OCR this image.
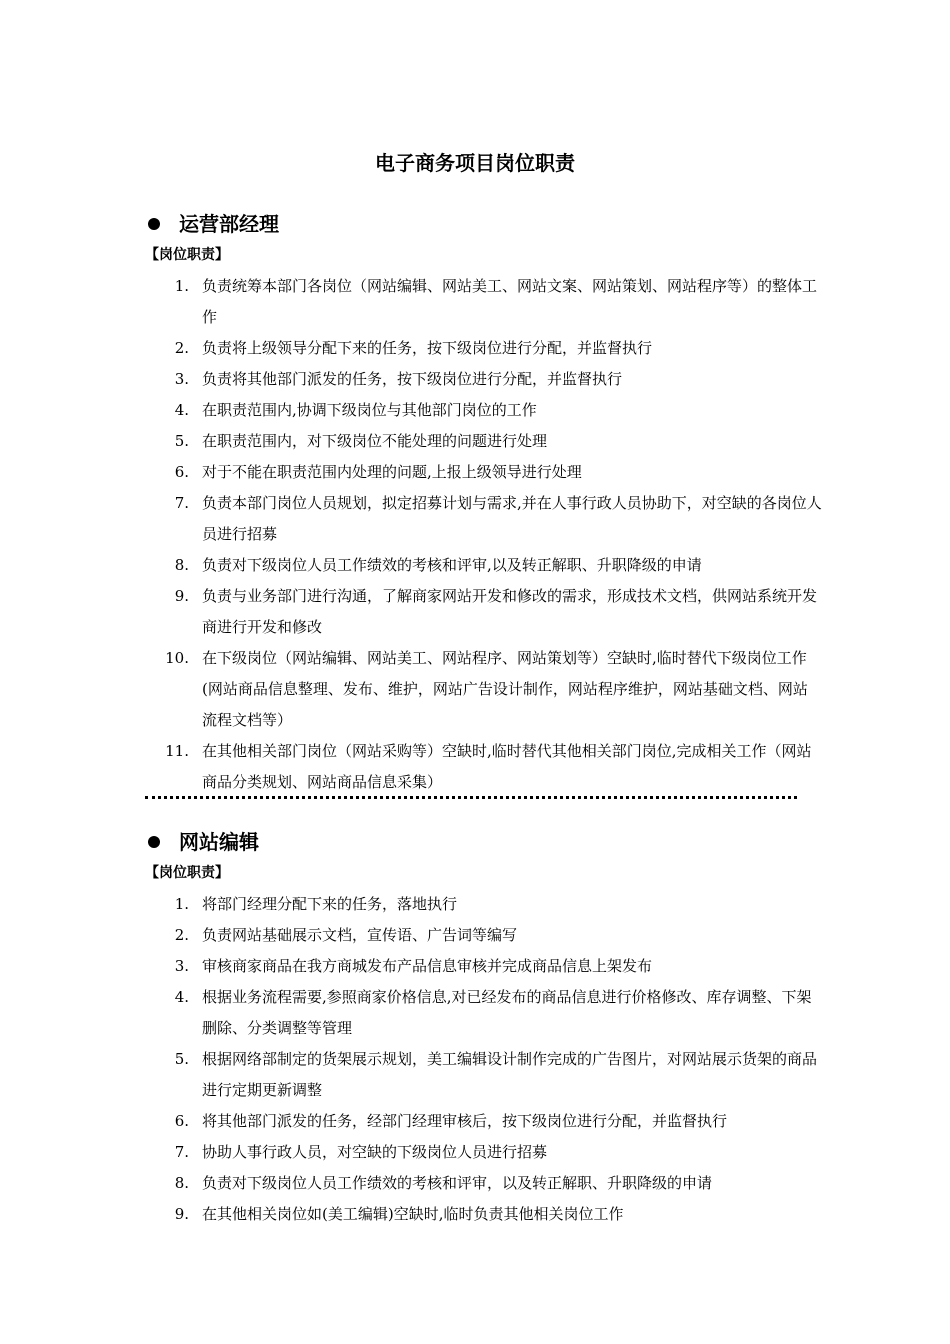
电子商务项目岗位职责
运营部经理
【岗位职责】
1. 负责统筹本部门各岗位（网站编辑、网站美工、网站文案、网站策划、网站程序等）的整体工作
2. 负责将上级领导分配下来的任务，按下级岗位进行分配，并监督执行
3. 负责将其他部门派发的任务，按下级岗位进行分配，并监督执行
4. 在职责范围内,协调下级岗位与其他部门岗位的工作
5. 在职责范围内，对下级岗位不能处理的问题进行处理
6. 对于不能在职责范围内处理的问题,上报上级领导进行处理
7. 负责本部门岗位人员规划，拟定招募计划与需求,并在人事行政人员协助下，对空缺的各岗位人员进行招募
8. 负责对下级岗位人员工作绩效的考核和评审,以及转正解职、升职降级的申请
9. 负责与业务部门进行沟通，了解商家网站开发和修改的需求，形成技术文档，供网站系统开发商进行开发和修改
10. 在下级岗位（网站编辑、网站美工、网站程序、网站策划等）空缺时,临时替代下级岗位工作(网站商品信息整理、发布、维护，网站广告设计制作，网站程序维护，网站基础文档、网站流程文档等）
11. 在其他相关部门岗位（网站采购等）空缺时,临时替代其他相关部门岗位,完成相关工作（网站商品分类规划、网站商品信息采集）
网站编辑
【岗位职责】
1. 将部门经理分配下来的任务，落地执行
2. 负责网站基础展示文档，宣传语、广告词等编写
3. 审核商家商品在我方商城发布产品信息审核并完成商品信息上架发布
4. 根据业务流程需要,参照商家价格信息,对已经发布的商品信息进行价格修改、库存调整、下架删除、分类调整等管理
5. 根据网络部制定的货架展示规划，美工编辑设计制作完成的广告图片，对网站展示货架的商品进行定期更新调整
6. 将其他部门派发的任务，经部门经理审核后，按下级岗位进行分配，并监督执行
7. 协助人事行政人员，对空缺的下级岗位人员进行招募
8. 负责对下级岗位人员工作绩效的考核和评审，以及转正解职、升职降级的申请
9. 在其他相关岗位如(美工编辑)空缺时,临时负责其他相关岗位工作
